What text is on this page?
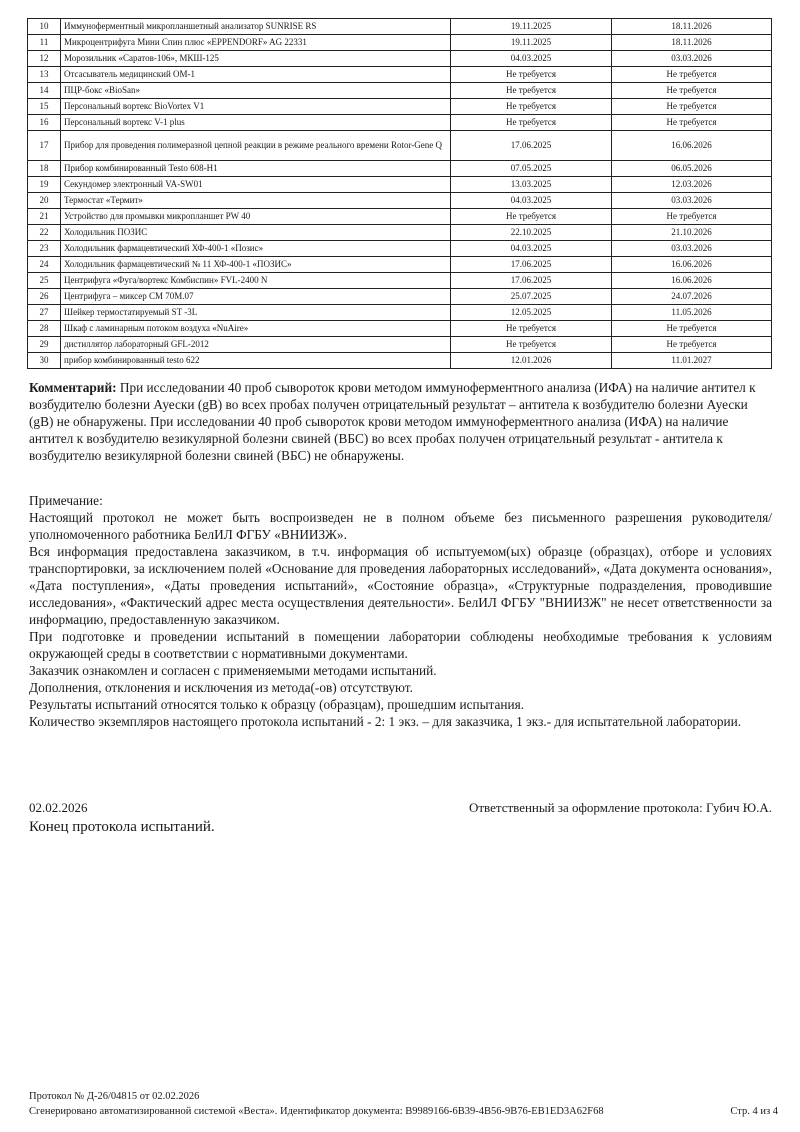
10	Иммуноферментный микропланшетный анализатор SUNRISE RS	19.11.2025	18.11.2026
11	Микроцентрифуга Мини Спин плюс «EPPENDORF» AG 22331	19.11.2025	18.11.2026
12	Морозильник «Саратов-106», МКШ-125	04.03.2025	03.03.2026
13	Отсасыватель медицинский ОМ-1	Не требуется	Не требуется
14	ПЦР-бокс «BioSan»	Не требуется	Не требуется
15	Персональный вортекс BioVortex V1	Не требуется	Не требуется
16	Персональный вортекс V-1 plus	Не требуется	Не требуется
17	Прибор для проведения полимеразной цепной реакции в режиме реального времени Rotor-Gene Q	17.06.2025	16.06.2026
18	Прибор комбинированный Testo 608-H1	07.05.2025	06.05.2026
19	Секундомер электронный VA-SW01	13.03.2025	12.03.2026
20	Термостат «Термит»	04.03.2025	03.03.2026
21	Устройство для промывки микропланшет PW 40	Не требуется	Не требуется
22	Холодильник ПОЗИС	22.10.2025	21.10.2026
23	Холодильник фармацевтический ХФ-400-1 «Позис»	04.03.2025	03.03.2026
24	Холодильник фармацевтический № 11 ХФ-400-1 «ПОЗИС»	17.06.2025	16.06.2026
25	Центрифуга «Фуга/вортекс Комбиспин» FVL-2400 N	17.06.2025	16.06.2026
26	Центрифуга – миксер СМ 70М.07	25.07.2025	24.07.2026
27	Шейкер термостатируемый ST -3L	12.05.2025	11.05.2026
28	Шкаф с ламинарным потоком воздуха «NuAire»	Не требуется	Не требуется
29	дистиллятор лабораторный GFL-2012	Не требуется	Не требуется
30	прибор комбинированный testo 622	12.01.2026	11.01.2027
Комментарий: При исследовании 40 проб сывороток крови методом иммуноферментного анализа (ИФА) на наличие антител к возбудителю болезни Ауески (gB) во всех пробах получен отрицательный результат – антитела к возбудителю болезни Ауески (gB) не обнаружены. При исследовании 40 проб сывороток крови методом иммуноферментного анализа (ИФА) на наличие антител к возбудителю везикулярной болезни свиней (ВБС) во всех пробах получен отрицательный результат - антитела к возбудителю везикулярной болезни свиней (ВБС) не обнаружены.

Примечание:

Настоящий протокол не может быть воспроизведен не в полном объеме без письменного разрешения руководителя/уполномоченного работника БелИЛ ФГБУ «ВНИИЗЖ».

Вся информация предоставлена заказчиком, в т.ч. информация об испытуемом(ых) образце (образцах), отборе и условиях транспортировки, за исключением полей «Основание для проведения лабораторных исследований», «Дата документа основания», «Дата поступления», «Даты проведения испытаний», «Состояние образца», «Структурные подразделения, проводившие исследования», «Фактический адрес места осуществления деятельности». БелИЛ ФГБУ "ВНИИЗЖ" не несет ответственности за информацию, предоставленную заказчиком.

При подготовке и проведении испытаний в помещении лаборатории соблюдены необходимые требования к условиям окружающей среды в соответствии с нормативными документами.

Заказчик ознакомлен и согласен с применяемыми методами испытаний.

Дополнения, отклонения и исключения из метода(-ов) отсутствуют.

Результаты испытаний относятся только к образцу (образцам), прошедшим испытания.

Количество экземпляров настоящего протокола испытаний - 2: 1 экз. – для заказчика, 1 экз.- для испытательной лаборатории.

02.02.2026	Ответственный за оформление протокола: Губич Ю.А.
Конец протокола испытаний.
Протокол № Д-26/04815 от 02.02.2026
Сгенерировано автоматизированной системой «Веста». Идентификатор документа: B9989166-6B39-4B56-9B76-EB1ED3A62F68	Стр. 4 из 4
